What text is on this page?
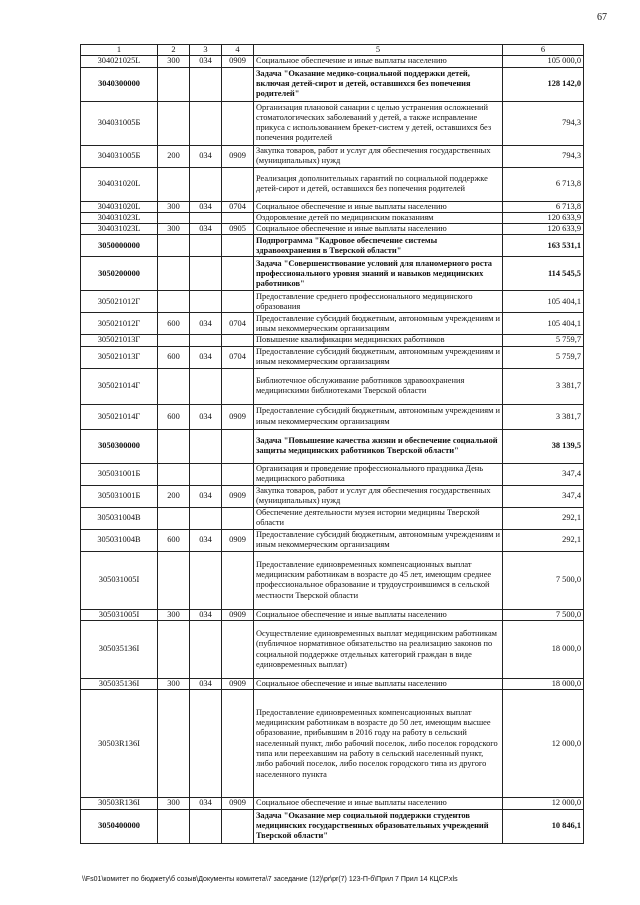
67
1	2	3	4	5	6
304021025L	300	034	0909	Социальное обеспечение и иные выплаты населению	105 000,0
3040300000				Задача "Оказание медико-социальной поддержки детей, включая детей-сирот и детей, оставшихся без попечения родителей"	128 142,0
304031005Б				Организация плановой санации с целью устранения осложнений стоматологических заболеваний у детей, а также исправление прикуса с использованием брекет-систем у детей, оставшихся без попечения родителей	794,3
304031005Б	200	034	0909	Закупка товаров, работ и услуг для обеспечения государственных (муниципальных) нужд	794,3
304031020L				Реализация дополнительных гарантий по социальной поддержке детей-сирот и детей, оставшихся без попечения родителей	6 713,8
304031020L	300	034	0704	Социальное обеспечение и иные выплаты населению	6 713,8
304031023L				Оздоровление детей по медицинским показаниям	120 633,9
304031023L	300	034	0905	Социальное обеспечение и иные выплаты населению	120 633,9
3050000000				Подпрограмма "Кадровое обеспечение системы здравоохранения в Тверской области"	163 531,1
3050200000				Задача "Совершенствование условий для планомерного роста профессионального уровня знаний и навыков медицинских работников"	114 545,5
305021012Г				Предоставление среднего профессионального медицинского образования	105 404,1
305021012Г	600	034	0704	Предоставление субсидий бюджетным, автономным учреждениям и иным некоммерческим организациям	105 404,1
305021013Г				Повышение квалификации медицинских работников	5 759,7
305021013Г	600	034	0704	Предоставление субсидий бюджетным, автономным учреждениям и иным некоммерческим организациям	5 759,7
305021014Г				Библиотечное обслуживание работников здравоохранения медицинскими библиотеками Тверской области	3 381,7
305021014Г	600	034	0909	Предоставление субсидий бюджетным, автономным учреждениям и иным некоммерческим организациям	3 381,7
3050300000				Задача "Повышение качества жизни и обеспечение социальной защиты медицинских работников Тверской области"	38 139,5
305031001Б				Организация и проведение профессионального праздника День медицинского работника	347,4
305031001Б	200	034	0909	Закупка товаров, работ и услуг для обеспечения государственных (муниципальных) нужд	347,4
305031004В				Обеспечение деятельности музея истории медицины Тверской области	292,1
305031004В	600	034	0909	Предоставление субсидий бюджетным, автономным учреждениям и иным некоммерческим организациям	292,1
305031005I				Предоставление единовременных компенсационных выплат медицинским работникам в возрасте до 45 лет, имеющим среднее профессиональное образование и трудоустроившимся в сельской местности Тверской области	7 500,0
305031005I	300	034	0909	Социальное обеспечение и иные выплаты населению	7 500,0
305035136I				Осуществление единовременных выплат медицинским работникам (публичное нормативное обязательство на реализацию законов по социальной поддержке отдельных категорий граждан в виде единовременных выплат)	18 000,0
305035136I	300	034	0909	Социальное обеспечение и иные выплаты населению	18 000,0
30503R136I				Предоставление единовременных компенсационных выплат медицинским работникам в возрасте до 50 лет, имеющим высшее образование, прибывшим в 2016 году на работу в сельский населенный пункт, либо рабочий поселок, либо поселок городского типа или переехавшим на работу в сельский населенный пункт, либо рабочий поселок, либо поселок городского типа из другого населенного пункта	12 000,0
30503R136I	300	034	0909	Социальное обеспечение и иные выплаты населению	12 000,0
3050400000				Задача "Оказание мер социальной поддержки студентов медицинских государственных образовательных учреждений Тверской области"	10 846,1
\\Fs01\комитет по бюджету\б созыв\Документы комитета\7 заседание (12)\pr\pr(7) 123-П-б\Прил 7 Прил 14 КЦСР.xls
